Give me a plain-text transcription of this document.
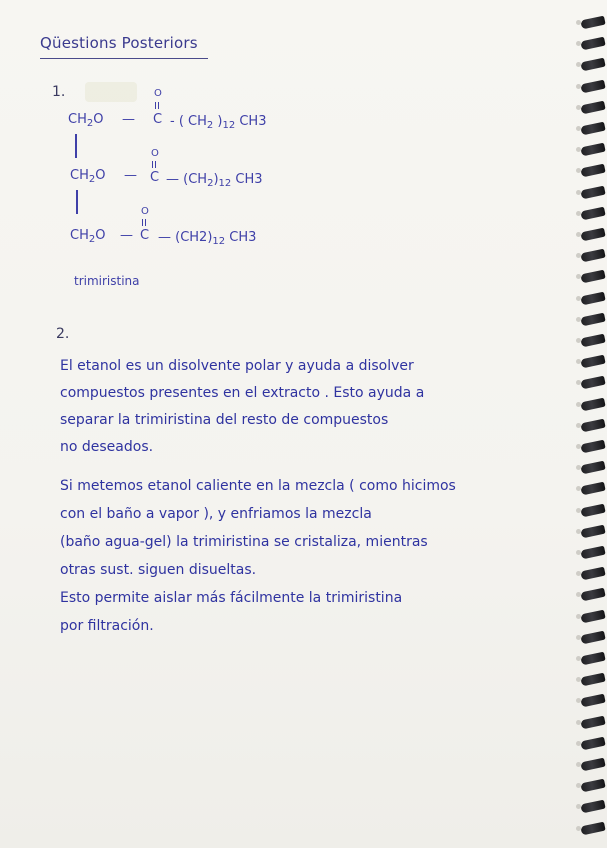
Qüestions Posteriors
1.
$CH_2O$ —
O
C - ( $CH_2$ )$_{12}$ CH3
$CH_2O$ —
O
C — $(CH_2)_{12}$ CH3
$CH_2O$ —
O
C — $(CH2)_{12}$ CH3
trimiristina
2.
El etanol es un disolvente polar y ayuda a disolver
compuestos presentes en el extracto . Esto ayuda a
separar la trimiristina del resto de compuestos
no deseados.
Si metemos etanol caliente en la mezcla ( como hicimos
con el baño a vapor ), y enfriamos la mezcla
(baño agua-gel) la trimiristina se cristaliza, mientras
otras sust. siguen disueltas.
Esto permite aislar más fácilmente la trimiristina
por filtración.
